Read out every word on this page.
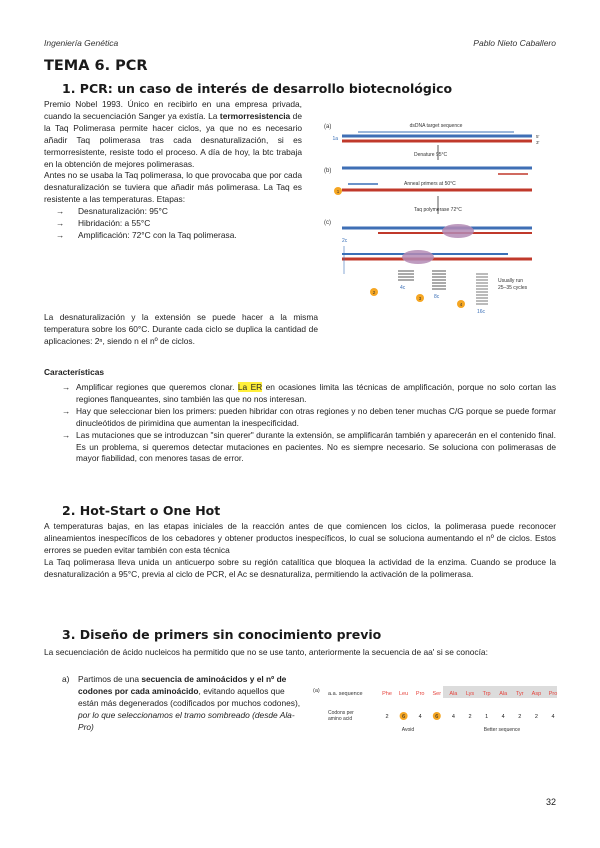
Ingeniería Genética	Pablo Nieto Caballero
TEMA 6. PCR
1. PCR: un caso de interés de desarrollo biotecnológico

Premio Nobel 1993. Único en recibirlo en una empresa privada, cuando la secuenciación Sanger ya existía. La termorresistencia de la Taq Polimerasa permite hacer ciclos, ya que no es necesario añadir Taq polimerasa tras cada desnaturalización, si es termorresistente, resiste todo el proceso. A día de hoy, la btc trabaja en la obtención de mejores polimerasas.

Antes no se usaba la Taq polimerasa, lo que provocaba que por cada desnaturalización se tuviera que añadir más polimerasa. La Taq es resistente a las temperaturas. Etapas:

→ Desnaturalización: 95°C
→ Hibridación: a 55°C
→ Amplificación: 72°C con la Taq polimerasa.
La desnaturalización y la extensión se puede hacer a la misma temperatura sobre los 60°C. Durante cada ciclo se duplica la cantidad de aplicaciones: 2ⁿ, siendo n el nº de ciclos.
(a)	dsDNA target sequence
1a	5'
3'
Denature 95°C
(b)
Anneal primers at 50°C
1
Taq polymerase 72°C
(c)
2c
4c
8c
16c
2
3
4
Usually run
25–35 cycles
Características
→ Amplificar regiones que queremos clonar. La ER en ocasiones limita las técnicas de amplificación, porque no solo cortan las regiones flanqueantes, sino también las que no nos interesan.
→ Hay que seleccionar bien los primers: pueden hibridar con otras regiones y no deben tener muchas C/G porque se puede formar dinucleótidos de pirimidina que aumentan la inespecificidad.
→ Las mutaciones que se introduzcan "sin querer" durante la extensión, se amplificarán también y aparecerán en el contenido final. Es un problema, si queremos detectar mutaciones en pacientes. No es siempre necesario. Se soluciona con polimerasas de mayor fiabilidad, con menores tasas de error.
2. Hot-Start o One Hot

A temperaturas bajas, en las etapas iniciales de la reacción antes de que comiencen los ciclos, la polimerasa puede reconocer alineamientos inespecíficos de los cebadores y obtener productos inespecíficos, lo cual se soluciona aumentando el nº de ciclos. Estos errores se pueden evitar también con esta técnica

La Taq polimerasa lleva unida un anticuerpo sobre su región catalítica que bloquea la actividad de la enzima. Cuando se produce la desnaturalización a 95°C, previa al ciclo de PCR, el Ac se desnaturaliza, permitiendo la activación de la polimerasa.

3. Diseño de primers sin conocimiento previo
La secuenciación de ácido nucleicos ha permitido que no se use tanto, anteriormente la secuencia de aa' si se conocía:
a)	Partimos de una secuencia de aminoácidos y el nº de codones por cada aminoácido, evitando aquellos que están más degenerados (codificados por muchos codones), por lo que seleccionamos el tramo sombreado (desde Ala-Pro)
(a) a.a. sequence
Codons per
amino acid
Phe Leu Pro Ser Ala Lys Trp Ala Tyr Asp Pro
2 6 4 6 4 2 1 4 2 2 4
Avoid	Better sequence
32
